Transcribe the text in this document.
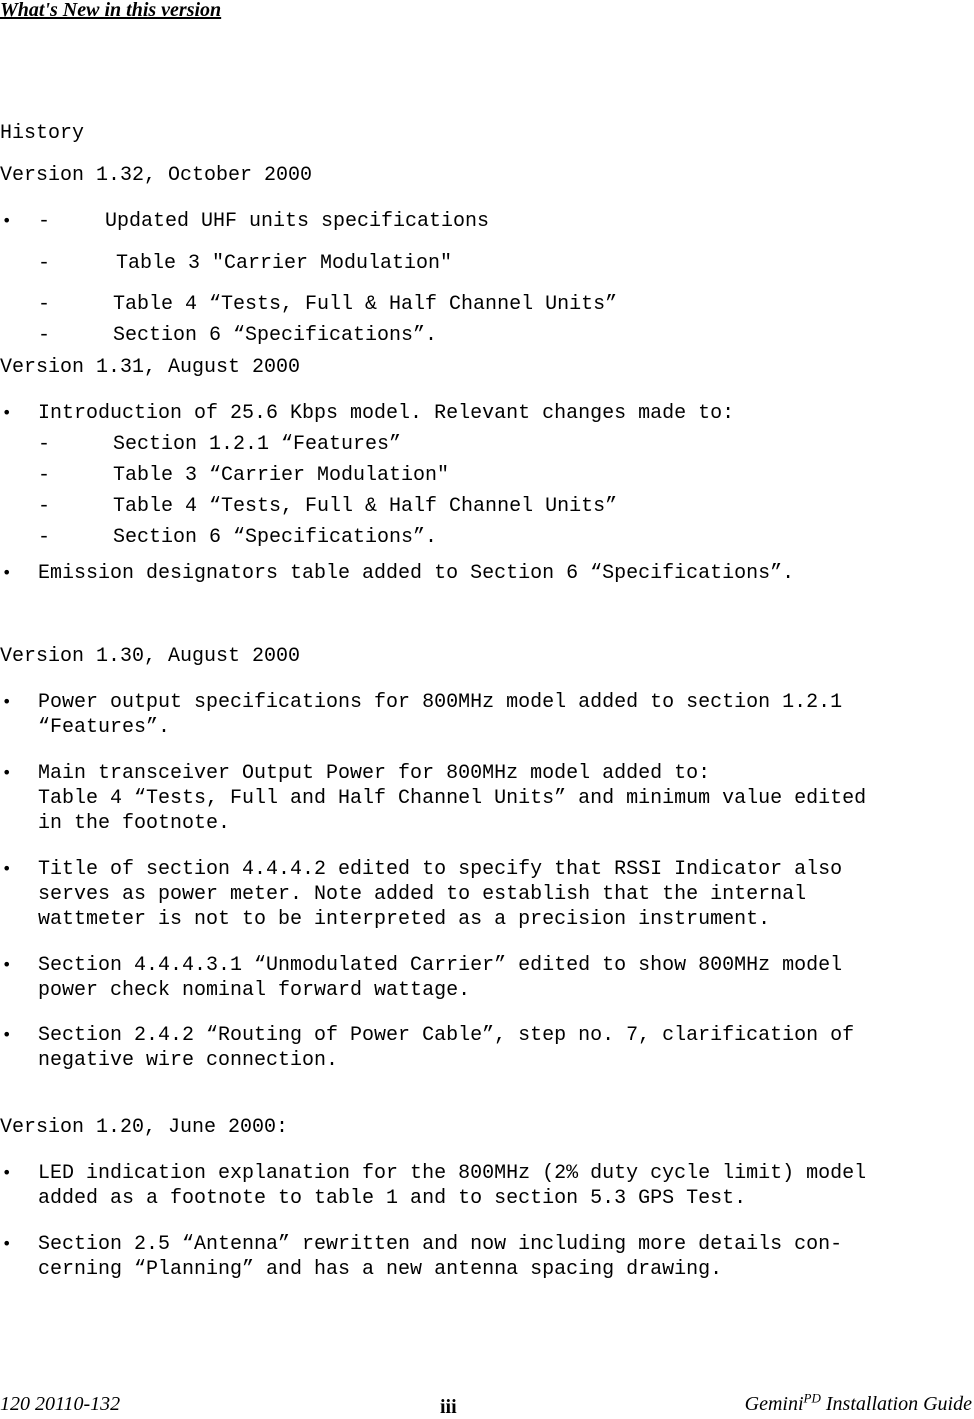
What's New in this version
History
Version 1.32, October 2000
• -	Updated UHF units specifications
-	Table 3 "Carrier Modulation"
-	Table 4 “Tests, Full & Half Channel Units”
-	Section 6 “Specifications”.
Version 1.31, August 2000
• Introduction of 25.6 Kbps model. Relevant changes made to:
-	Section 1.2.1 “Features”
-	Table 3 “Carrier Modulation"
-	Table 4 “Tests, Full & Half Channel Units”
-	Section 6 “Specifications”.
• Emission designators table added to Section 6 “Specifications”.
Version 1.30, August 2000
• Power output specifications for 800MHz model added to section 1.2.1
“Features”.
• Main transceiver Output Power for 800MHz model added to:
Table 4 “Tests, Full and Half Channel Units” and minimum value edited
in the footnote.
• Title of section 4.4.4.2 edited to specify that RSSI Indicator also
serves as power meter. Note added to establish that the internal
wattmeter is not to be interpreted as a precision instrument.
• Section 4.4.4.3.1 “Unmodulated Carrier” edited to show 800MHz model
power check nominal forward wattage.
• Section 2.4.2 “Routing of Power Cable”, step no. 7, clarification of
negative wire connection.
Version 1.20, June 2000:
• LED indication explanation for the 800MHz (2% duty cycle limit) model
added as a footnote to table 1 and to section 5.3 GPS Test.
• Section 2.5 “Antenna” rewritten and now including more details con-
cerning “Planning” and has a new antenna spacing drawing.
120 20110-132	iii	Gemini$^{PD}$ Installation Guide
